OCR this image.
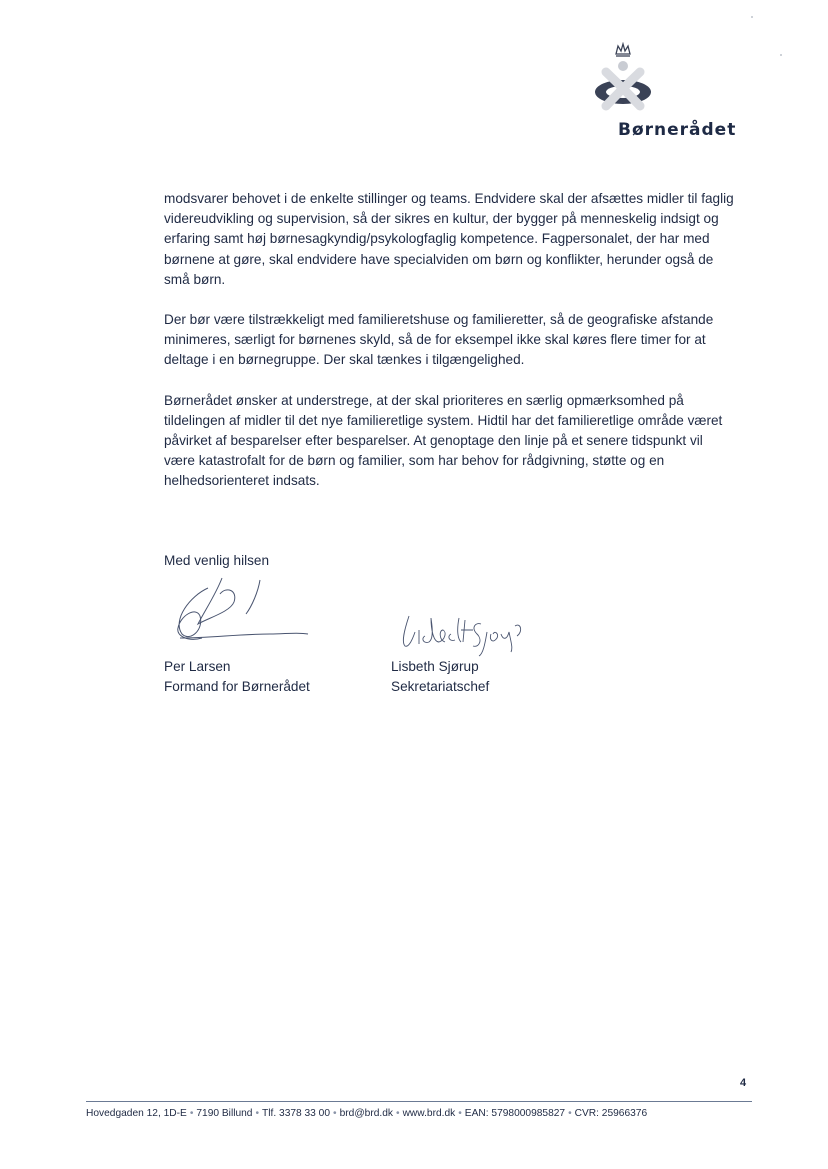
Børnerådet

modsvarer behovet i de enkelte stillinger og teams. Endvidere skal der afsættes midler til faglig
videreudvikling og supervision, så der sikres en kultur, der bygger på menneskelig indsigt og
erfaring samt høj børnesagkyndig/psykologfaglig kompetence. Fagpersonalet, der har med
børnene at gøre, skal endvidere have specialviden om børn og konflikter, herunder også de
små børn.

Der bør være tilstrækkeligt med familieretshuse og familieretter, så de geografiske afstande
minimeres, særligt for børnenes skyld, så de for eksempel ikke skal køres flere timer for at
deltage i en børnegruppe. Der skal tænkes i tilgængelighed.

Børnerådet ønsker at understrege, at der skal prioriteres en særlig opmærksomhed på
tildelingen af midler til det nye familieretlige system. Hidtil har det familieretlige område været
påvirket af besparelser efter besparelser. At genoptage den linje på et senere tidspunkt vil
være katastrofalt for de børn og familier, som har behov for rådgivning, støtte og en
helhedsorienteret indsats.

Med venlig hilsen
Per Larsen
Formand for Børnerådet
Lisbeth Sjørup
Sekretariatschef
4
Hovedgaden 12, 1D-E • 7190 Billund • Tlf. 3378 33 00 • brd@brd.dk • www.brd.dk • EAN: 5798000985827 • CVR: 25966376
